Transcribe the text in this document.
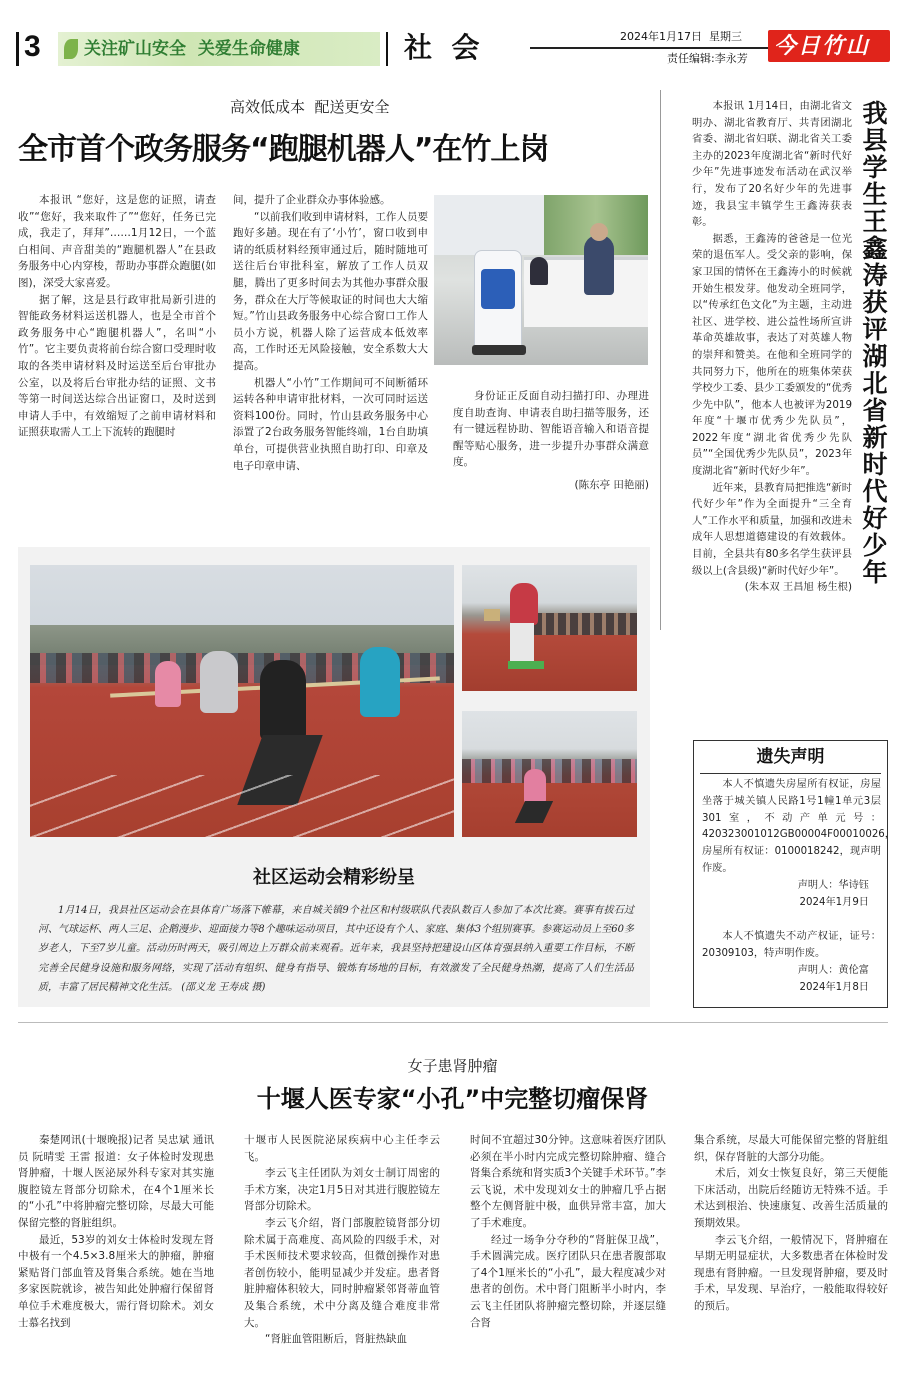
3	关注矿山安全  关爱生命健康	社  会	2024年1月17日 星期三
责任编辑:李永芳 今日竹山
高效低成本  配送更安全
全市首个政务服务“跑腿机器人”在竹上岗

本报讯 “您好，这是您的证照，请查收”“您好，我来取件了”“您好，任务已完成，我走了，拜拜”……1月12日，一个蓝白相间、声音甜美的“跑腿机器人”在县政务服务中心内穿梭，帮助办事群众跑腿(如图)，深受大家喜爱。

据了解，这是县行政审批局新引进的智能政务材料运送机器人，也是全市首个政务服务中心“跑腿机器人”，名叫“小竹”。它主要负责将前台综合窗口受理时收取的各类申请材料及时运送至后台审批办公室，以及将后台审批办结的证照、文书等第一时间送达综合出证窗口，及时送到申请人手中，有效缩短了之前申请材料和证照获取需人工上下流转的跑腿时

间，提升了企业群众办事体验感。

“以前我们收到申请材料，工作人员要跑好多趟。现在有了‘小竹’，窗口收到申请的纸质材料经预审通过后，随时随地可送往后台审批科室，解放了工作人员双腿，腾出了更多时间去为其他办事群众服务，群众在大厅等候取证的时间也大大缩短。”竹山县政务服务中心综合窗口工作人员小方说，机器人除了运营成本低效率高，工作时还无风险接触，安全系数大大提高。

机器人“小竹”工作期间可不间断循环运转各种申请审批材料，一次可同时运送资料100份。同时，竹山县政务服务中心添置了2台政务服务智能终端，1台自助填单台，可提供营业执照自助打印、印章及电子印章申请、

身份证正反面自动扫描打印、办理进度自助查询、申请表自助扫描等服务，还有一键远程协助、智能语音输入和语音提醒等贴心服务，进一步提升办事群众满意度。

(陈东亭 田艳丽)

本报讯 1月14日，由湖北省文明办、湖北省教育厅、共青团湖北省委、湖北省妇联、湖北省关工委主办的2023年度湖北省“新时代好少年”先进事迹发布活动在武汉举行，发布了20名好少年的先进事迹，我县宝丰镇学生王鑫涛获表彰。

据悉，王鑫涛的爸爸是一位光荣的退伍军人。受父亲的影响，保家卫国的情怀在王鑫涛小的时候就开始生根发芽。他发动全班同学，以“传承红色文化”为主题，主动进社区、进学校、进公益性场所宣讲革命英雄故事，表达了对英雄人物的崇拜和赞美。在他和全班同学的共同努力下，他所在的班集体荣获学校少工委、县少工委颁发的“优秀少先中队”，他本人也被评为2019年度“十堰市优秀少先队员”，2022年度“湖北省优秀少先队员”“全国优秀少先队员”，2023年度湖北省“新时代好少年”。

近年来，县教育局把推选“新时代好少年”作为全面提升“三全育人”工作水平和质量，加强和改进未成年人思想道德建设的有效载体。目前，全县共有80多名学生获评县级以上(含县级)“新时代好少年”。

(朱本双 王昌旭 杨生根)

我县学生王鑫涛获评湖北省新时代好少年
遗失声明

本人不慎遗失房屋所有权证，房屋坐落于城关镇人民路1号1幢1单元3层301室，不动产单元号：420323001012GB00004F00010026，房屋所有权证：0100018242，现声明作废。

声明人：华诗钰

2024年1月9日

本人不慎遗失不动产权证，证号：20309103，特声明作废。

声明人：黄伦富

2024年1月8日

社区运动会精彩纷呈

1月14日，我县社区运动会在县体育广场落下帷幕，来自城关镇9个社区和村级联队代表队数百人参加了本次比赛。赛事有拔石过河、气球运杯、两人三足、企鹅漫步、迎面接力等8个趣味运动项目，其中还设有个人、家庭、集体3个组别赛事。参赛运动员上至60多岁老人，下至7岁儿童。活动历时两天，吸引周边上万群众前来观看。近年来，我县坚持把建设山区体育强县纳入重要工作目标，不断完善全民健身设施和服务网络，实现了活动有组织、健身有指导、锻炼有场地的目标，有效激发了全民健身热潮，提高了人们生活品质，丰富了居民精神文化生活。 (邵义龙 王寿成 摄)

女子患肾肿瘤
十堰人医专家“小孔”中完整切瘤保肾

秦楚网讯(十堰晚报)记者 吴忠斌 通讯员 阮晴雯 王雷 报道：女子体检时发现患肾肿瘤，十堰人医泌尿外科专家对其实施腹腔镜左肾部分切除术，在4个1厘米长的“小孔”中将肿瘤完整切除，尽最大可能保留完整的肾脏组织。

最近，53岁的刘女士体检时发现左肾中极有一个4.5×3.8厘米大的肿瘤，肿瘤紧贴肾门部血管及肾集合系统。她在当地多家医院就诊，被告知此处肿瘤行保留肾单位手术难度极大，需行肾切除术。刘女士慕名找到

十堰市人民医院泌尿疾病中心主任李云飞。

李云飞主任团队为刘女士制订周密的手术方案，决定1月5日对其进行腹腔镜左肾部分切除术。

李云飞介绍，肾门部腹腔镜肾部分切除术属于高难度、高风险的四级手术，对手术医师技术要求较高，但微创操作对患者创伤较小，能明显减少并发症。患者肾脏肿瘤体积较大，同时肿瘤紧邻肾蒂血管及集合系统，术中分离及缝合难度非常大。

“肾脏血管阻断后，肾脏热缺血

时间不宜超过30分钟。这意味着医疗团队必须在半小时内完成完整切除肿瘤、缝合肾集合系统和肾实质3个关键手术环节。”李云飞说，术中发现刘女士的肿瘤几乎占据整个左侧肾脏中极，血供异常丰富，加大了手术难度。

经过一场争分夺秒的“肾脏保卫战”，手术圆满完成。医疗团队只在患者腹部取了4个1厘米长的“小孔”，最大程度减少对患者的创伤。术中肾门阻断半小时内，李云飞主任团队将肿瘤完整切除，并逐层缝合肾

集合系统，尽最大可能保留完整的肾脏组织，保存肾脏的大部分功能。

术后，刘女士恢复良好，第三天便能下床活动，出院后经随访无特殊不适。手术达到根治、快速康复、改善生活质量的预期效果。

李云飞介绍，一般情况下，肾肿瘤在早期无明显症状，大多数患者在体检时发现患有肾肿瘤。一旦发现肾肿瘤，要及时手术，早发现、早治疗，一般能取得较好的预后。
